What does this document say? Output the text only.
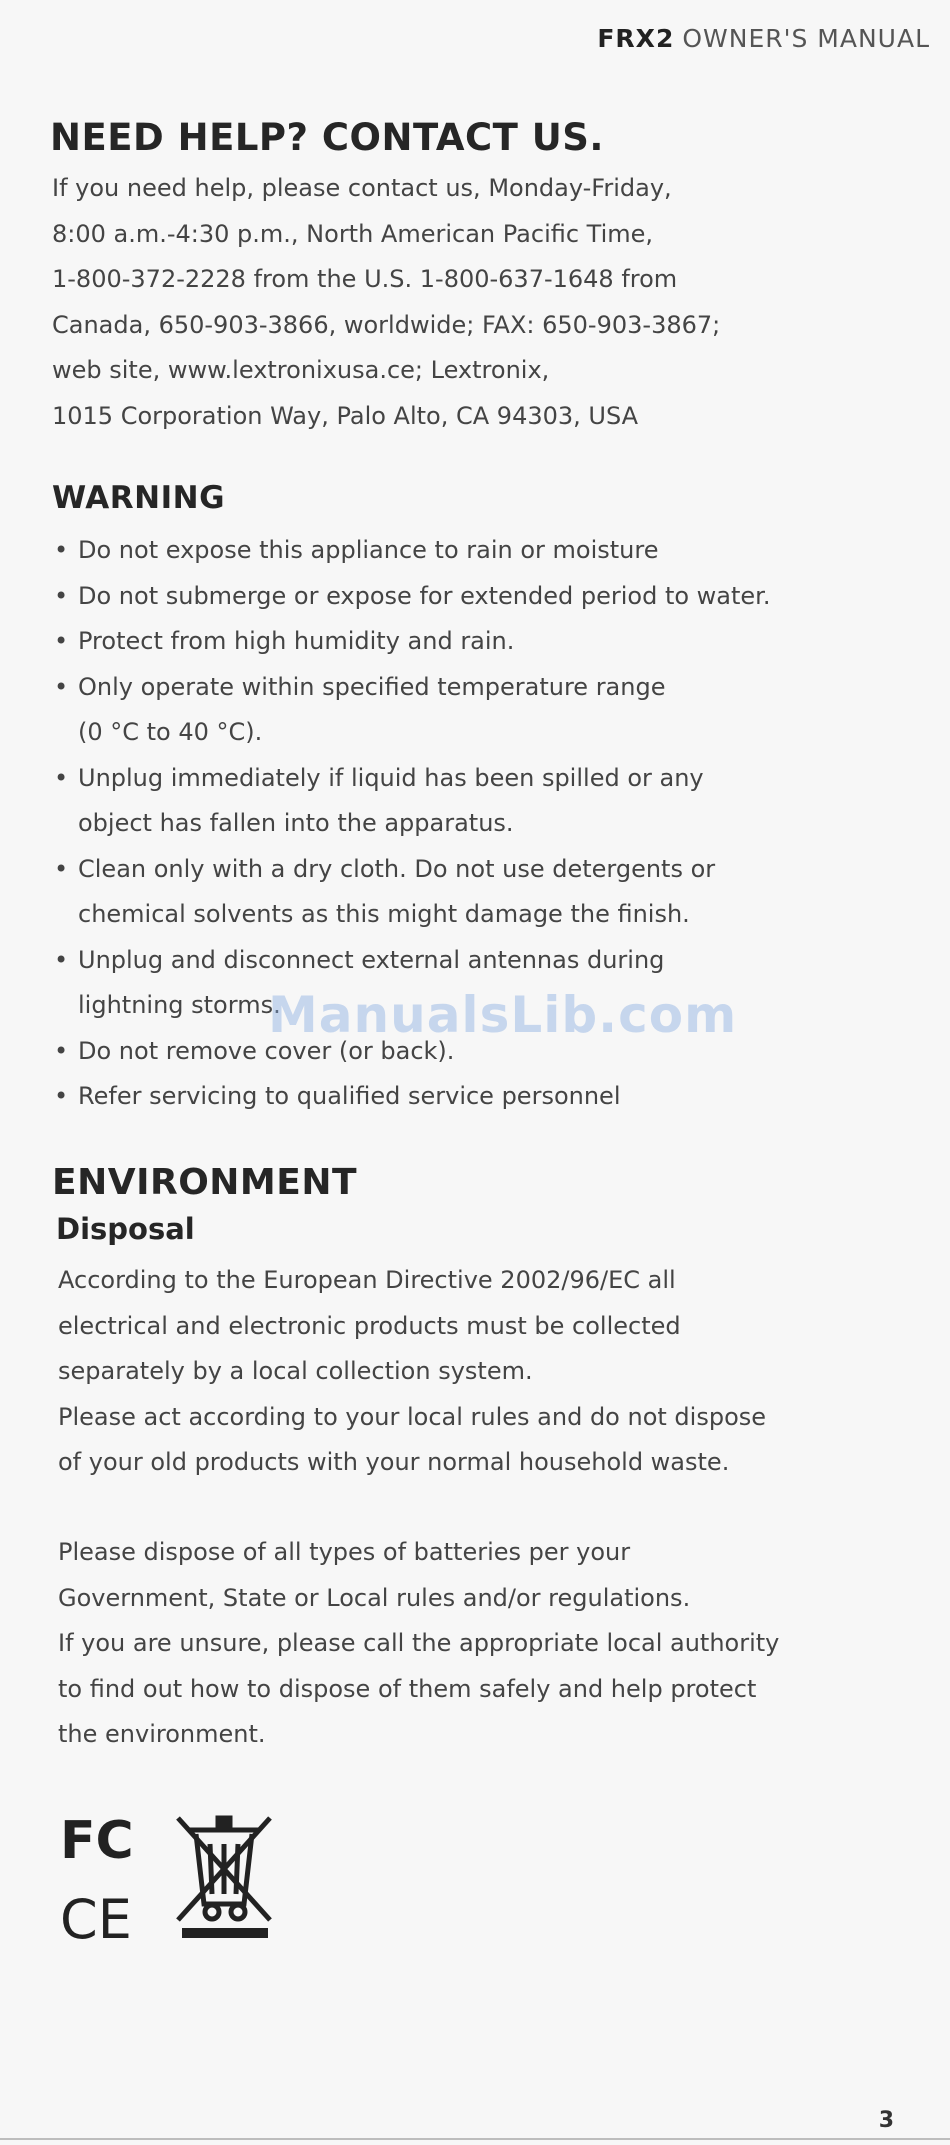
FRX2 OWNER'S MANUAL
NEED HELP? CONTACT US.
If you need help, please contact us, Monday-Friday,
8:00 a.m.-4:30 p.m., North American Pacific Time,
1-800-372-2228 from the U.S. 1-800-637-1648 from
Canada, 650-903-3866, worldwide; FAX: 650-903-3867;
web site, www.lextronixusa.ce; Lextronix,
1015 Corporation Way, Palo Alto, CA 94303, USA
WARNING
• Do not expose this appliance to rain or moisture
• Do not submerge or expose for extended period to water.
• Protect from high humidity and rain.
• Only operate within specified temperature range
(0 °C to 40 °C).
• Unplug immediately if liquid has been spilled or any
object has fallen into the apparatus.
• Clean only with a dry cloth. Do not use detergents or
chemical solvents as this might damage the finish.
• Unplug and disconnect external antennas during
lightning storms.
• Do not remove cover (or back).
• Refer servicing to qualified service personnel
ManualsLib.com
ENVIRONMENT
Disposal
According to the European Directive 2002/96/EC all
electrical and electronic products must be collected
separately by a local collection system.
Please act according to your local rules and do not dispose
of your old products with your normal household waste.
Please dispose of all types of batteries per your
Government, State or Local rules and/or regulations.
If you are unsure, please call the appropriate local authority
to find out how to dispose of them safely and help protect
the environment.
FC
CE
3
